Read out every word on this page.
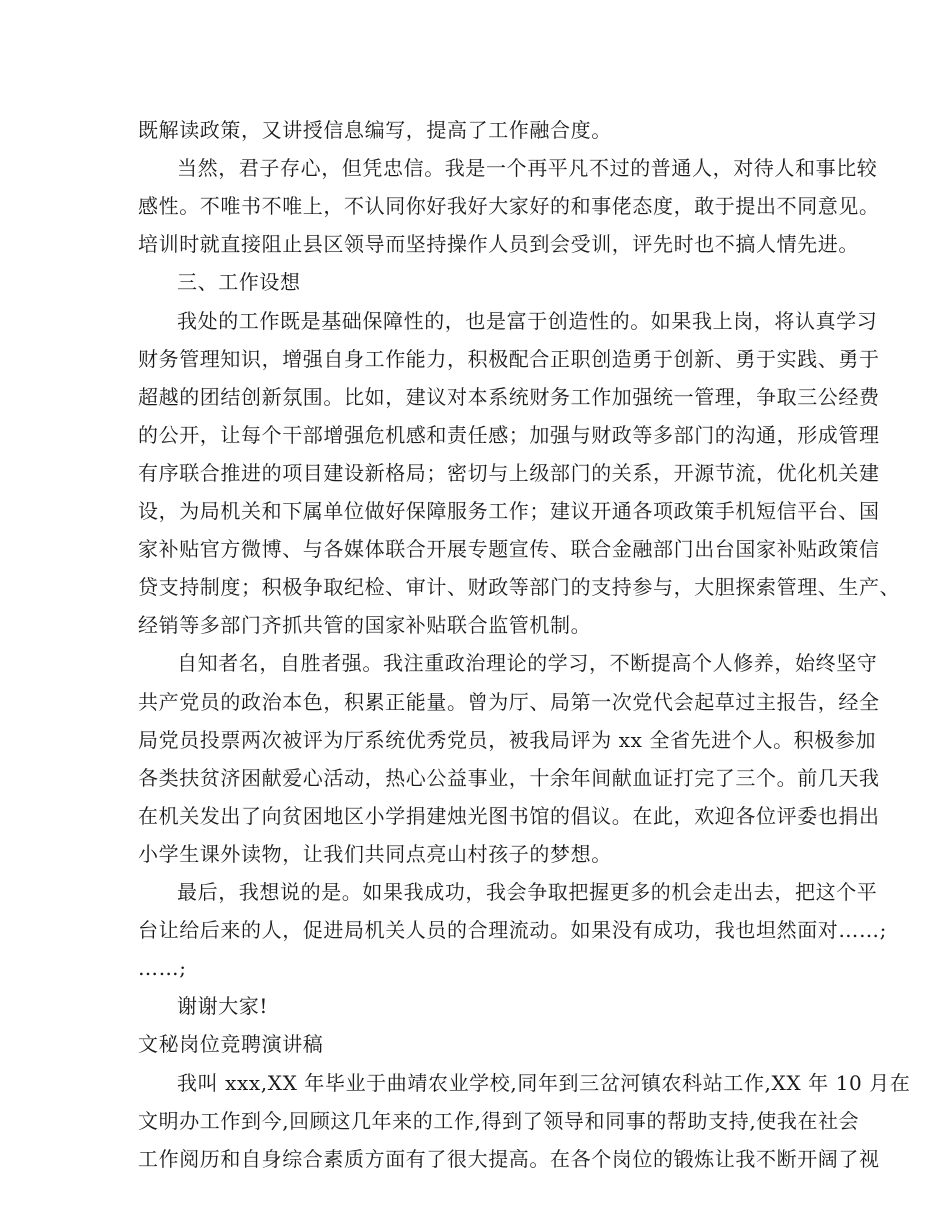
既解读政策，又讲授信息编写，提高了工作融合度。
当然，君子存心，但凭忠信。我是一个再平凡不过的普通人，对待人和事比较
感性。不唯书不唯上，不认同你好我好大家好的和事佬态度，敢于提出不同意见。
培训时就直接阻止县区领导而坚持操作人员到会受训，评先时也不搞人情先进。
三、工作设想
我处的工作既是基础保障性的，也是富于创造性的。如果我上岗，将认真学习
财务管理知识，增强自身工作能力，积极配合正职创造勇于创新、勇于实践、勇于
超越的团结创新氛围。比如，建议对本系统财务工作加强统一管理，争取三公经费
的公开，让每个干部增强危机感和责任感；加强与财政等多部门的沟通，形成管理
有序联合推进的项目建设新格局；密切与上级部门的关系，开源节流，优化机关建
设，为局机关和下属单位做好保障服务工作；建议开通各项政策手机短信平台、国
家补贴官方微博、与各媒体联合开展专题宣传、联合金融部门出台国家补贴政策信
贷支持制度；积极争取纪检、审计、财政等部门的支持参与，大胆探索管理、生产、
经销等多部门齐抓共管的国家补贴联合监管机制。
自知者名，自胜者强。我注重政治理论的学习，不断提高个人修养，始终坚守
共产党员的政治本色，积累正能量。曾为厅、局第一次党代会起草过主报告，经全
局党员投票两次被评为厅系统优秀党员，被我局评为 xx 全省先进个人。积极参加
各类扶贫济困献爱心活动，热心公益事业，十余年间献血证打完了三个。前几天我
在机关发出了向贫困地区小学捐建烛光图书馆的倡议。在此，欢迎各位评委也捐出
小学生课外读物，让我们共同点亮山村孩子的梦想。
最后，我想说的是。如果我成功，我会争取把握更多的机会走出去，把这个平
台让给后来的人，促进局机关人员的合理流动。如果没有成功，我也坦然面对……;
……;
谢谢大家!
文秘岗位竞聘演讲稿
我叫 xxx,XX 年毕业于曲靖农业学校,同年到三岔河镇农科站工作,XX 年 10 月在
文明办工作到今,回顾这几年来的工作,得到了领导和同事的帮助支持,使我在社会
工作阅历和自身综合素质方面有了很大提高。在各个岗位的锻炼让我不断开阔了视
